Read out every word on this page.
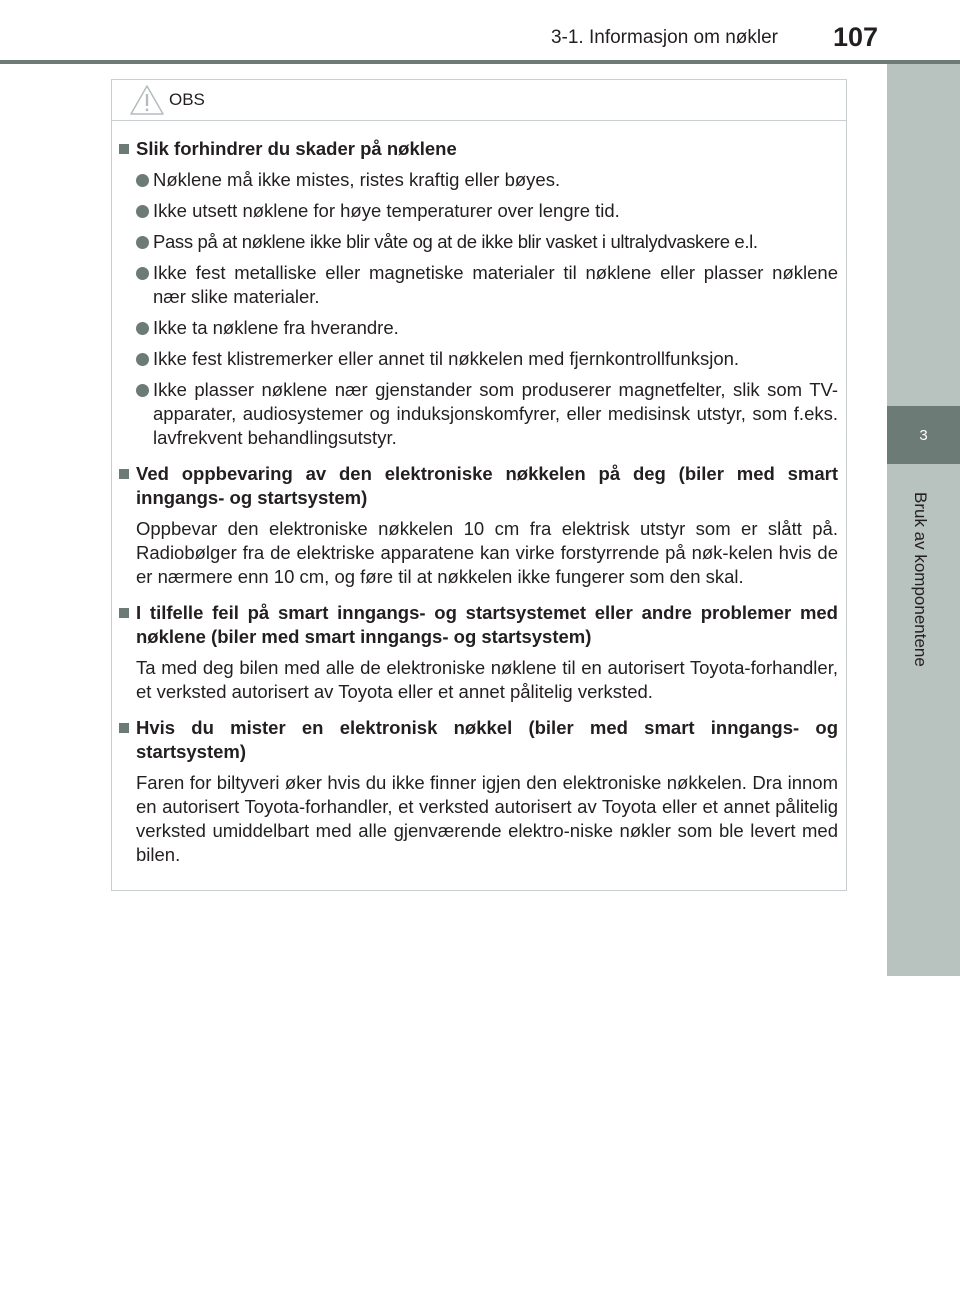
3-1. Informasjon om nøkler 107
3
Bruk av komponentene
OBS
Slik forhindrer du skader på nøklene
Nøklene må ikke mistes, ristes kraftig eller bøyes.
Ikke utsett nøklene for høye temperaturer over lengre tid.
Pass på at nøklene ikke blir våte og at de ikke blir vasket i ultralydvaskere e.l.
Ikke fest metalliske eller magnetiske materialer til nøklene eller plasser nøklene nær slike materialer.
Ikke ta nøklene fra hverandre.
Ikke fest klistremerker eller annet til nøkkelen med fjernkontrollfunksjon.
Ikke plasser nøklene nær gjenstander som produserer magnetfelter, slik som TV-apparater, audiosystemer og induksjonskomfyrer, eller medisinsk utstyr, som f.eks. lavfrekvent behandlingsutstyr.
Ved oppbevaring av den elektroniske nøkkelen på deg (biler med smart inngangs- og startsystem)
Oppbevar den elektroniske nøkkelen 10 cm fra elektrisk utstyr som er slått på. Radiobølger fra de elektriske apparatene kan virke forstyrrende på nøk-kelen hvis de er nærmere enn 10 cm, og føre til at nøkkelen ikke fungerer som den skal.
I tilfelle feil på smart inngangs- og startsystemet eller andre problemer med nøklene (biler med smart inngangs- og startsystem)
Ta med deg bilen med alle de elektroniske nøklene til en autorisert Toyota-forhandler, et verksted autorisert av Toyota eller et annet pålitelig verksted.
Hvis du mister en elektronisk nøkkel (biler med smart inngangs- og startsystem)
Faren for biltyveri øker hvis du ikke finner igjen den elektroniske nøkkelen. Dra innom en autorisert Toyota-forhandler, et verksted autorisert av Toyota eller et annet pålitelig verksted umiddelbart med alle gjenværende elektro-niske nøkler som ble levert med bilen.
